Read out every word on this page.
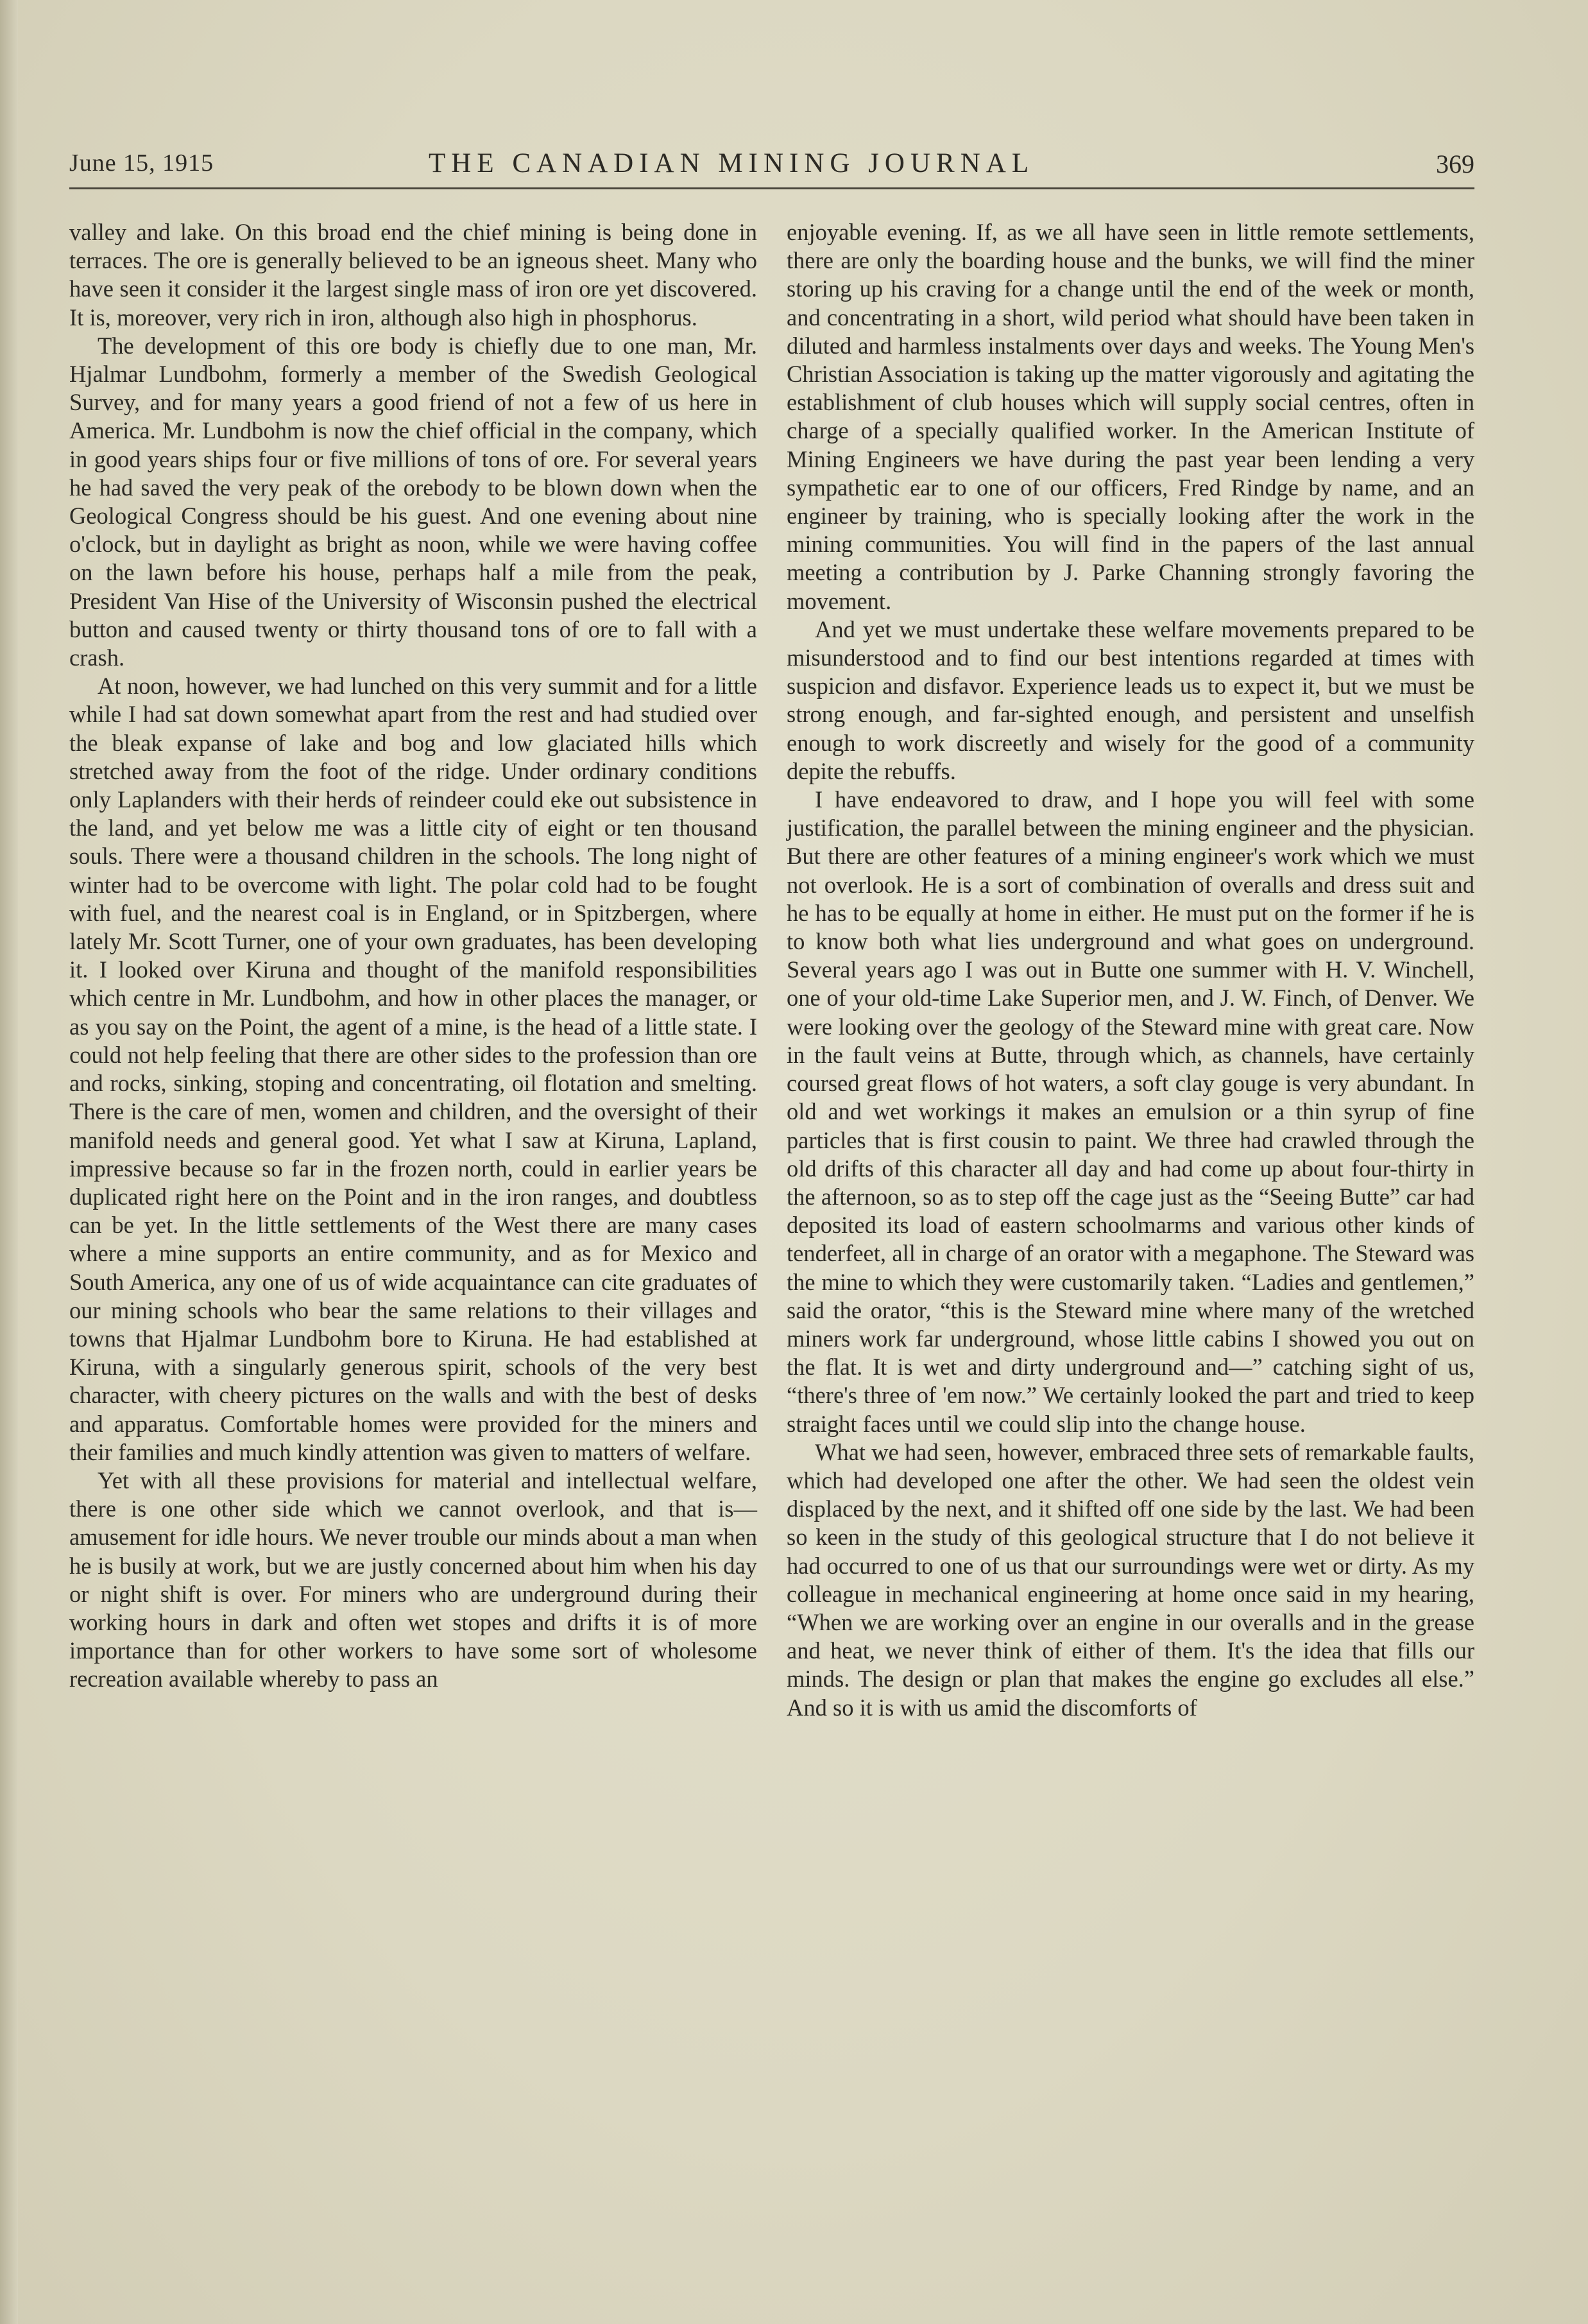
June 15, 1915	THE CANADIAN MINING JOURNAL	369

valley and lake. On this broad end the chief mining is being done in terraces. The ore is generally believed to be an igneous sheet. Many who have seen it consider it the largest single mass of iron ore yet discovered. It is, moreover, very rich in iron, although also high in phosphorus.

The development of this ore body is chiefly due to one man, Mr. Hjalmar Lundbohm, formerly a member of the Swedish Geological Survey, and for many years a good friend of not a few of us here in America. Mr. Lundbohm is now the chief official in the company, which in good years ships four or five millions of tons of ore. For several years he had saved the very peak of the orebody to be blown down when the Geological Congress should be his guest. And one evening about nine o'clock, but in daylight as bright as noon, while we were having coffee on the lawn before his house, perhaps half a mile from the peak, President Van Hise of the University of Wisconsin pushed the electrical button and caused twenty or thirty thousand tons of ore to fall with a crash.

At noon, however, we had lunched on this very summit and for a little while I had sat down somewhat apart from the rest and had studied over the bleak expanse of lake and bog and low glaciated hills which stretched away from the foot of the ridge. Under ordinary conditions only Laplanders with their herds of reindeer could eke out subsistence in the land, and yet below me was a little city of eight or ten thousand souls. There were a thousand children in the schools. The long night of winter had to be overcome with light. The polar cold had to be fought with fuel, and the nearest coal is in England, or in Spitzbergen, where lately Mr. Scott Turner, one of your own graduates, has been developing it. I looked over Kiruna and thought of the manifold responsibilities which centre in Mr. Lundbohm, and how in other places the manager, or as you say on the Point, the agent of a mine, is the head of a little state. I could not help feeling that there are other sides to the profession than ore and rocks, sinking, stoping and concentrating, oil flotation and smelting. There is the care of men, women and children, and the oversight of their manifold needs and general good. Yet what I saw at Kiruna, Lapland, impressive because so far in the frozen north, could in earlier years be duplicated right here on the Point and in the iron ranges, and doubtless can be yet. In the little settlements of the West there are many cases where a mine supports an entire community, and as for Mexico and South America, any one of us of wide acquaintance can cite graduates of our mining schools who bear the same relations to their villages and towns that Hjalmar Lundbohm bore to Kiruna. He had established at Kiruna, with a singularly generous spirit, schools of the very best character, with cheery pictures on the walls and with the best of desks and apparatus. Comfortable homes were provided for the miners and their families and much kindly attention was given to matters of welfare.

Yet with all these provisions for material and intellectual welfare, there is one other side which we cannot overlook, and that is—amusement for idle hours. We never trouble our minds about a man when he is busily at work, but we are justly concerned about him when his day or night shift is over. For miners who are underground during their working hours in dark and often wet stopes and drifts it is of more importance than for other workers to have some sort of wholesome recreation available whereby to pass an

enjoyable evening. If, as we all have seen in little remote settlements, there are only the boarding house and the bunks, we will find the miner storing up his craving for a change until the end of the week or month, and concentrating in a short, wild period what should have been taken in diluted and harmless instalments over days and weeks. The Young Men's Christian Association is taking up the matter vigorously and agitating the establishment of club houses which will supply social centres, often in charge of a specially qualified worker. In the American Institute of Mining Engineers we have during the past year been lending a very sympathetic ear to one of our officers, Fred Rindge by name, and an engineer by training, who is specially looking after the work in the mining communities. You will find in the papers of the last annual meeting a contribution by J. Parke Channing strongly favoring the movement.

And yet we must undertake these welfare movements prepared to be misunderstood and to find our best intentions regarded at times with suspicion and disfavor. Experience leads us to expect it, but we must be strong enough, and far-sighted enough, and persistent and unselfish enough to work discreetly and wisely for the good of a community depite the rebuffs.

I have endeavored to draw, and I hope you will feel with some justification, the parallel between the mining engineer and the physician. But there are other features of a mining engineer's work which we must not overlook. He is a sort of combination of overalls and dress suit and he has to be equally at home in either. He must put on the former if he is to know both what lies underground and what goes on underground. Several years ago I was out in Butte one summer with H. V. Winchell, one of your old-time Lake Superior men, and J. W. Finch, of Denver. We were looking over the geology of the Steward mine with great care. Now in the fault veins at Butte, through which, as channels, have certainly coursed great flows of hot waters, a soft clay gouge is very abundant. In old and wet workings it makes an emulsion or a thin syrup of fine particles that is first cousin to paint. We three had crawled through the old drifts of this character all day and had come up about four-thirty in the afternoon, so as to step off the cage just as the “Seeing Butte” car had deposited its load of eastern schoolmarms and various other kinds of tenderfeet, all in charge of an orator with a megaphone. The Steward was the mine to which they were customarily taken. “Ladies and gentlemen,” said the orator, “this is the Steward mine where many of the wretched miners work far underground, whose little cabins I showed you out on the flat. It is wet and dirty underground and—” catching sight of us, “there's three of 'em now.” We certainly looked the part and tried to keep straight faces until we could slip into the change house.

What we had seen, however, embraced three sets of remarkable faults, which had developed one after the other. We had seen the oldest vein displaced by the next, and it shifted off one side by the last. We had been so keen in the study of this geological structure that I do not believe it had occurred to one of us that our surroundings were wet or dirty. As my colleague in mechanical engineering at home once said in my hearing, “When we are working over an engine in our overalls and in the grease and heat, we never think of either of them. It's the idea that fills our minds. The design or plan that makes the engine go excludes all else.” And so it is with us amid the discomforts of
